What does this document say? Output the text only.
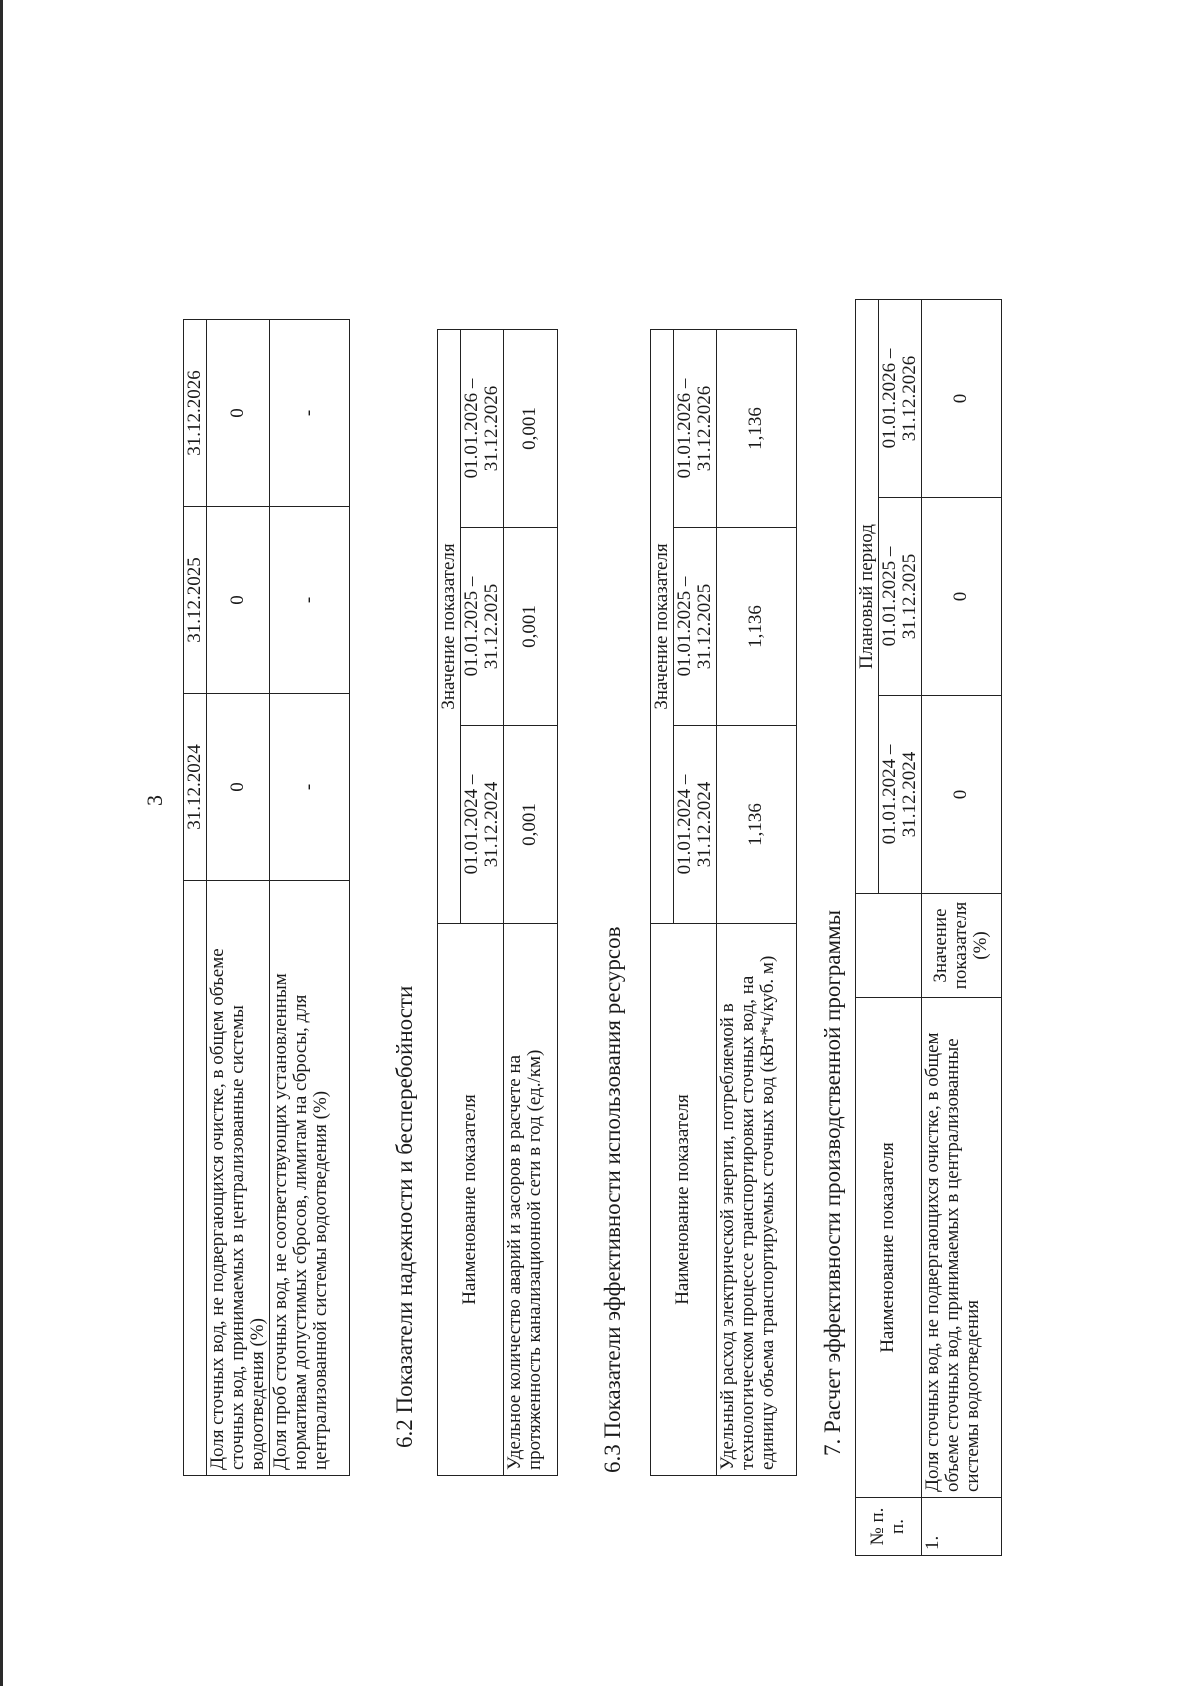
3
	31.12.2024	31.12.2025	31.12.2026
Доля сточных вод, не подвергающихся очистке, в общем объеме сточных вод, принимаемых в централизованные системы водоотведения (%)	0	0	0
Доля проб сточных вод, не соответствующих установленным нормативам допустимых сбросов, лимитам на сбросы, для централизованной системы водоотведения (%)	-	-	-
6.2 Показатели надежности и бесперебойности Наименование показателя	Значение показателя		
	01.01.2024 – 31.12.2024	01.01.2025 – 31.12.2025	01.01.2026 – 31.12.2026
Удельное количество аварий и засоров в расчете на протяженность канализационной сети в год (ед./км)	0,001	0,001	0,001
6.3 Показатели эффективности использования ресурсов Наименование показателя	Значение показателя		
	01.01.2024 – 31.12.2024	01.01.2025 – 31.12.2025	01.01.2026 – 31.12.2026
Удельный расход электрической энергии, потребляемой в технологическом процессе транспортировки сточных вод, на единицу объема транспортируемых сточных вод (кВт*ч/куб. м)	1,136	1,136	1,136
7. Расчет эффективности производственной программы
№ п. п.	Наименование показателя		Плановый период		
			01.01.2024 – 31.12.2024	01.01.2025 – 31.12.2025	01.01.2026 – 31.12.2026
1.	Доля сточных вод, не подвергающихся очистке, в общем объеме сточных вод, принимаемых в централизованные системы водоотведения	Значение показателя (%)	0	0	0
